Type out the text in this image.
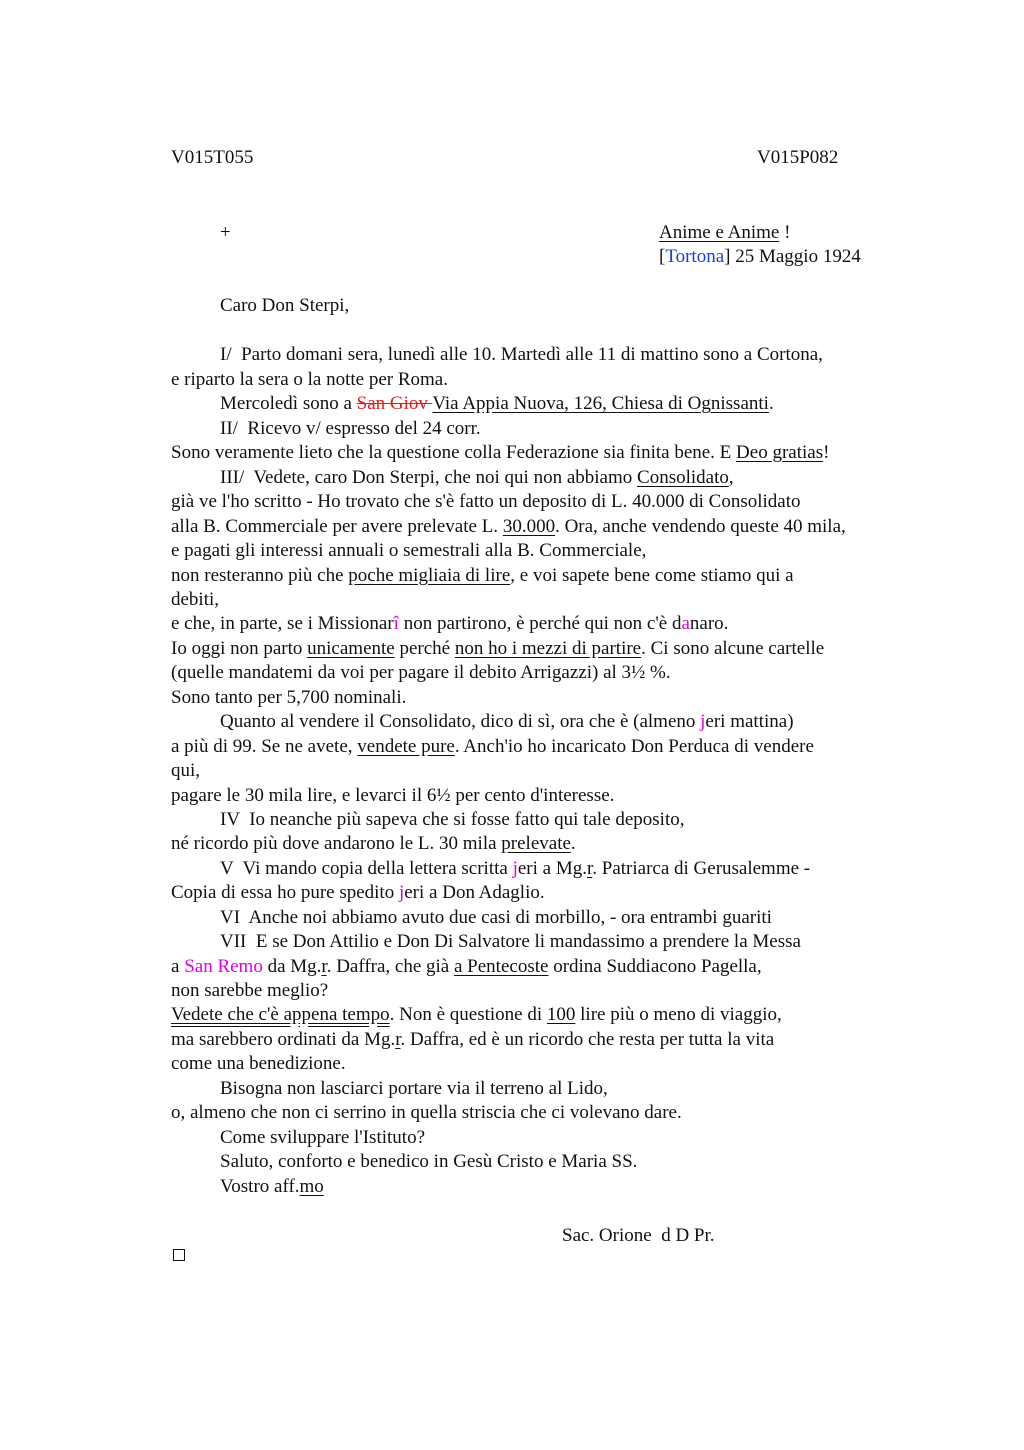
V015T055	V015P082
+	Anime e Anime !
[Tortona] 25 Maggio 1924
Caro Don Sterpi,
I/  Parto domani sera, lunedì alle 10. Martedì alle 11 di mattino sono a Cortona,
e riparto la sera o la notte per Roma.
Mercoledì sono a San Giov Via Appia Nuova, 126, Chiesa di Ognissanti.
II/  Ricevo v/ espresso del 24 corr.
Sono veramente lieto che la questione colla Federazione sia finita bene. E Deo gratias!
III/  Vedete, caro Don Sterpi, che noi qui non abbiamo Consolidato,
già ve l'ho scritto - Ho trovato che s'è fatto un deposito di L. 40.000 di Consolidato
alla B. Commerciale per avere prelevate L. 30.000. Ora, anche vendendo queste 40 mila,
e pagati gli interessi annuali o semestrali alla B. Commerciale,
non resteranno più che poche migliaia di lire, e voi sapete bene come stiamo qui a
debiti,
e che, in parte, se i Missionarî non partirono, è perché qui non c'è danaro.
Io oggi non parto unicamente perché non ho i mezzi di partire. Ci sono alcune cartelle
(quelle mandatemi da voi per pagare il debito Arrigazzi) al 3½ %.
Sono tanto per 5,700 nominali.
Quanto al vendere il Consolidato, dico di sì, ora che è (almeno jeri mattina)
a più di 99. Se ne avete, vendete pure. Anch'io ho incaricato Don Perduca di vendere
qui,
pagare le 30 mila lire, e levarci il 6½ per cento d'interesse.
IV  Io neanche più sapeva che si fosse fatto qui tale deposito,
né ricordo più dove andarono le L. 30 mila prelevate.
V  Vi mando copia della lettera scritta jeri a Mg.r. Patriarca di Gerusalemme -
Copia di essa ho pure spedito jeri a Don Adaglio.
VI  Anche noi abbiamo avuto due casi di morbillo, - ora entrambi guariti
VII  E se Don Attilio e Don Di Salvatore li mandassimo a prendere la Messa
a San Remo da Mg.r. Daffra, che già a Pentecoste ordina Suddiacono Pagella,
non sarebbe meglio?
Vedete che c'è appena tempo. Non è questione di 100 lire più o meno di viaggio,
ma sarebbero ordinati da Mg.r. Daffra, ed è un ricordo che resta per tutta la vita
come una benedizione.
Bisogna non lasciarci portare via il terreno al Lido,
o, almeno che non ci serrino in quella striscia che ci volevano dare.
Come sviluppare l'Istituto?
Saluto, conforto e benedico in Gesù Cristo e Maria SS.
Vostro aff.mo
Sac. Orione  d D Pr.
